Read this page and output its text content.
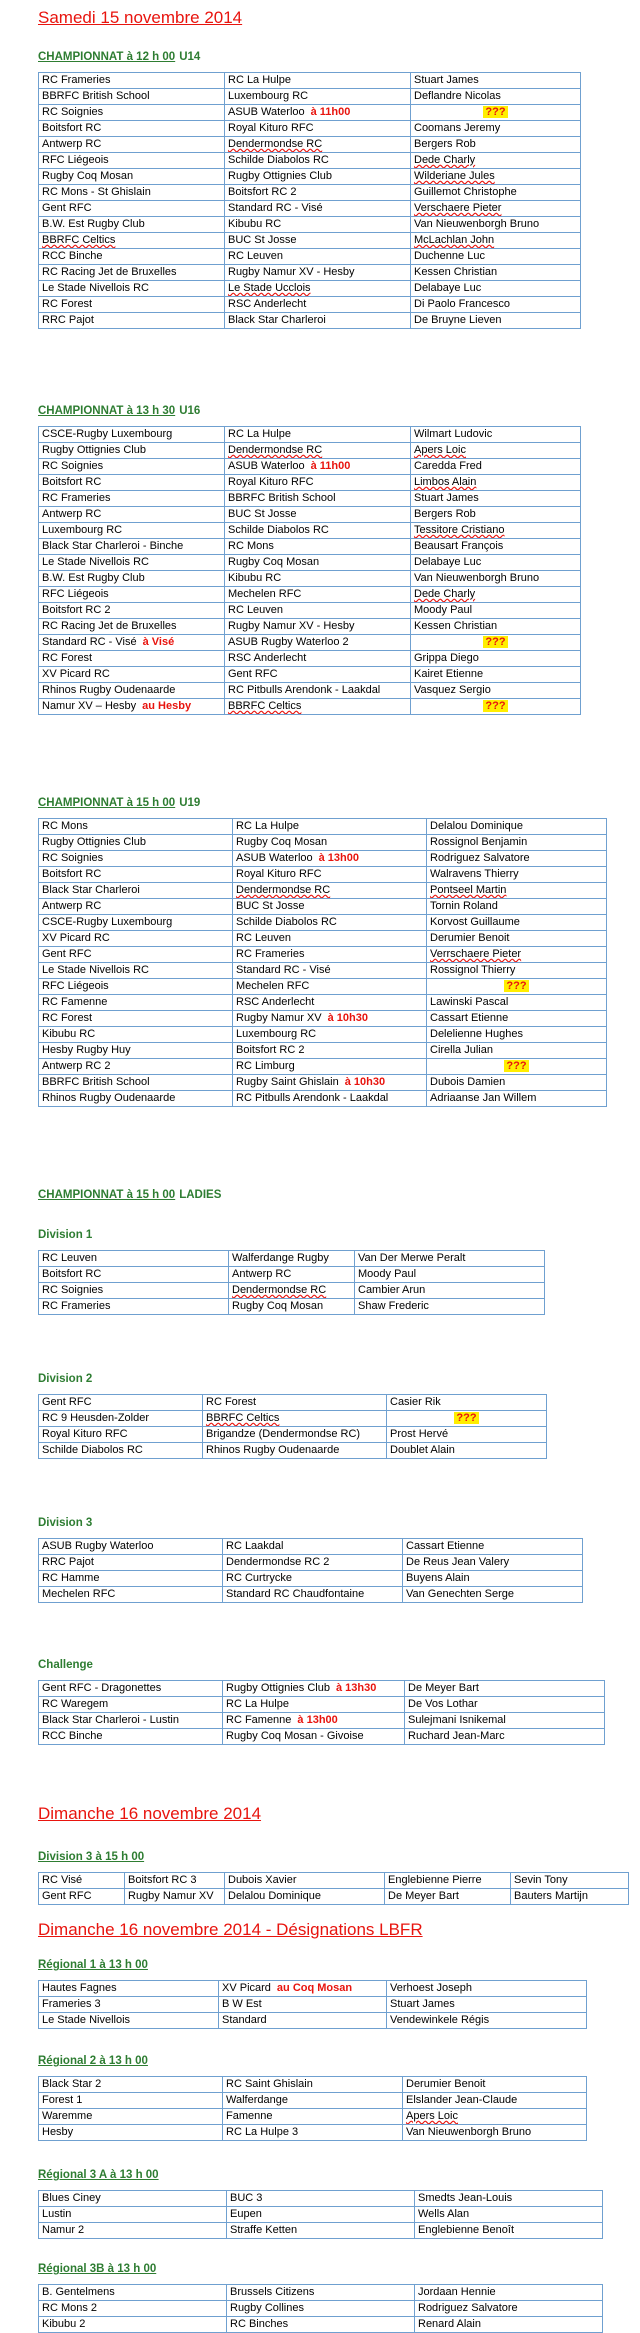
Samedi 15 novembre 2014
CHAMPIONNAT à 12 h 00 U14
RC Frameries	RC La Hulpe	Stuart James
BBRFC British School	Luxembourg RC	Deflandre Nicolas
RC Soignies	ASUB Waterloo à 11h00	???

Boitsfort RC	Royal Kituro RFC	Coomans Jeremy
Antwerp RC	Dendermondse RC	Bergers Rob
RFC Liégeois	Schilde Diabolos RC	Dede Charly
Rugby Coq Mosan	Rugby Ottignies Club	Wilderiane Jules
RC Mons - St Ghislain	Boitsfort RC 2	Guillemot Christophe
Gent RFC	Standard RC - Visé	Verschaere Pieter
B.W. Est Rugby Club	Kibubu RC	Van Nieuwenborgh Bruno
BBRFC Celtics	BUC St Josse	McLachlan John
RCC Binche	RC Leuven	Duchenne Luc
RC Racing Jet de Bruxelles	Rugby Namur XV - Hesby	Kessen Christian
Le Stade Nivellois RC	Le Stade Ucclois	Delabaye Luc
RC Forest	RSC Anderlecht	Di Paolo Francesco
RRC Pajot	Black Star Charleroi	De Bruyne Lieven
CHAMPIONNAT à 13 h 30 U16
CSCE-Rugby Luxembourg	RC La Hulpe	Wilmart Ludovic
Rugby Ottignies Club	Dendermondse RC	Apers Loic
RC Soignies	ASUB Waterloo à 11h00	Caredda Fred
Boitsfort RC	Royal Kituro RFC	Limbos Alain
RC Frameries	BBRFC British School	Stuart James
Antwerp RC	BUC St Josse	Bergers Rob
Luxembourg RC	Schilde Diabolos RC	Tessitore Cristiano
Black Star Charleroi - Binche	RC Mons	Beausart François
Le Stade Nivellois RC	Rugby Coq Mosan	Delabaye Luc
B.W. Est Rugby Club	Kibubu RC	Van Nieuwenborgh Bruno
RFC Liégeois	Mechelen RFC	Dede Charly
Boitsfort RC 2	RC Leuven	Moody Paul
RC Racing Jet de Bruxelles	Rugby Namur XV - Hesby	Kessen Christian
Standard RC - Visé à Visé	ASUB Rugby Waterloo 2	???

RC Forest	RSC Anderlecht	Grippa Diego
XV Picard RC	Gent RFC	Kairet Etienne
Rhinos Rugby Oudenaarde	RC Pitbulls Arendonk - Laakdal	Vasquez Sergio
Namur XV – Hesby au Hesby	BBRFC Celtics	???
CHAMPIONNAT à 15 h 00 U19
RC Mons	RC La Hulpe	Delalou Dominique
Rugby Ottignies Club	Rugby Coq Mosan	Rossignol Benjamin
RC Soignies	ASUB Waterloo à 13h00	Rodriguez Salvatore
Boitsfort RC	Royal Kituro RFC	Walravens Thierry
Black Star Charleroi	Dendermondse RC	Pontseel Martin
Antwerp RC	BUC St Josse	Tornin Roland
CSCE-Rugby Luxembourg	Schilde Diabolos RC	Korvost Guillaume
XV Picard RC	RC Leuven	Derumier Benoit
Gent RFC	RC Frameries	Verrschaere Pieter
Le Stade Nivellois RC	Standard RC - Visé	Rossignol Thierry
RFC Liégeois	Mechelen RFC	???

RC Famenne	RSC Anderlecht	Lawinski Pascal
RC Forest	Rugby Namur XV à 10h30	Cassart Etienne
Kibubu RC	Luxembourg RC	Delelienne Hughes
Hesby Rugby Huy	Boitsfort RC 2	Cirella Julian
Antwerp RC 2	RC Limburg	???

BBRFC British School	Rugby Saint Ghislain à 10h30	Dubois Damien
Rhinos Rugby Oudenaarde	RC Pitbulls Arendonk - Laakdal	Adriaanse Jan Willem
CHAMPIONNAT à 15 h 00 LADIES
Division 1
RC Leuven	Walferdange Rugby	Van Der Merwe Peralt
Boitsfort RC	Antwerp RC	Moody Paul
RC Soignies	Dendermondse RC	Cambier Arun
RC Frameries	Rugby Coq Mosan	Shaw Frederic
Division 2
Gent RFC	RC Forest	Casier Rik
RC 9 Heusden-Zolder	BBRFC Celtics	???

Royal Kituro RFC	Brigandze (Dendermondse RC)	Prost Hervé
Schilde Diabolos RC	Rhinos Rugby Oudenaarde	Doublet Alain
Division 3
ASUB Rugby Waterloo	RC Laakdal	Cassart Etienne
RRC Pajot	Dendermondse RC 2	De Reus Jean Valery
RC Hamme	RC Curtrycke	Buyens Alain
Mechelen RFC	Standard RC Chaudfontaine	Van Genechten Serge
Challenge
Gent RFC - Dragonettes	Rugby Ottignies Club à 13h30	De Meyer Bart
RC Waregem	RC La Hulpe	De Vos Lothar
Black Star Charleroi - Lustin	RC Famenne à 13h00	Sulejmani Isnikemal
RCC Binche	Rugby Coq Mosan - Givoise	Ruchard Jean-Marc
Dimanche 16 novembre 2014
Division 3 à 15 h 00
RC Visé	Boitsfort RC 3	Dubois Xavier	Englebienne Pierre	Sevin Tony
Gent RFC	Rugby Namur XV	Delalou Dominique	De Meyer Bart	Bauters Martijn
Dimanche 16 novembre 2014 - Désignations LBFR
Régional 1 à 13 h 00
Hautes Fagnes	XV Picard au Coq Mosan	Verhoest Joseph
Frameries 3	B W Est	Stuart James
Le Stade Nivellois	Standard	Vendewinkele Régis
Régional 2 à 13 h 00
Black Star 2	RC Saint Ghislain	Derumier Benoit
Forest 1	Walferdange	Elslander Jean-Claude
Waremme	Famenne	Apers Loic
Hesby	RC La Hulpe 3	Van Nieuwenborgh Bruno
Régional 3 A à 13 h 00
Blues Ciney	BUC 3	Smedts Jean-Louis
Lustin	Eupen	Wells Alan
Namur 2	Straffe Ketten	Englebienne Benoît
Régional 3B à 13 h 00
B. Gentelmens	Brussels Citizens	Jordaan Hennie
RC Mons 2	Rugby Collines	Rodriguez Salvatore
Kibubu 2	RC Binches	Renard Alain
